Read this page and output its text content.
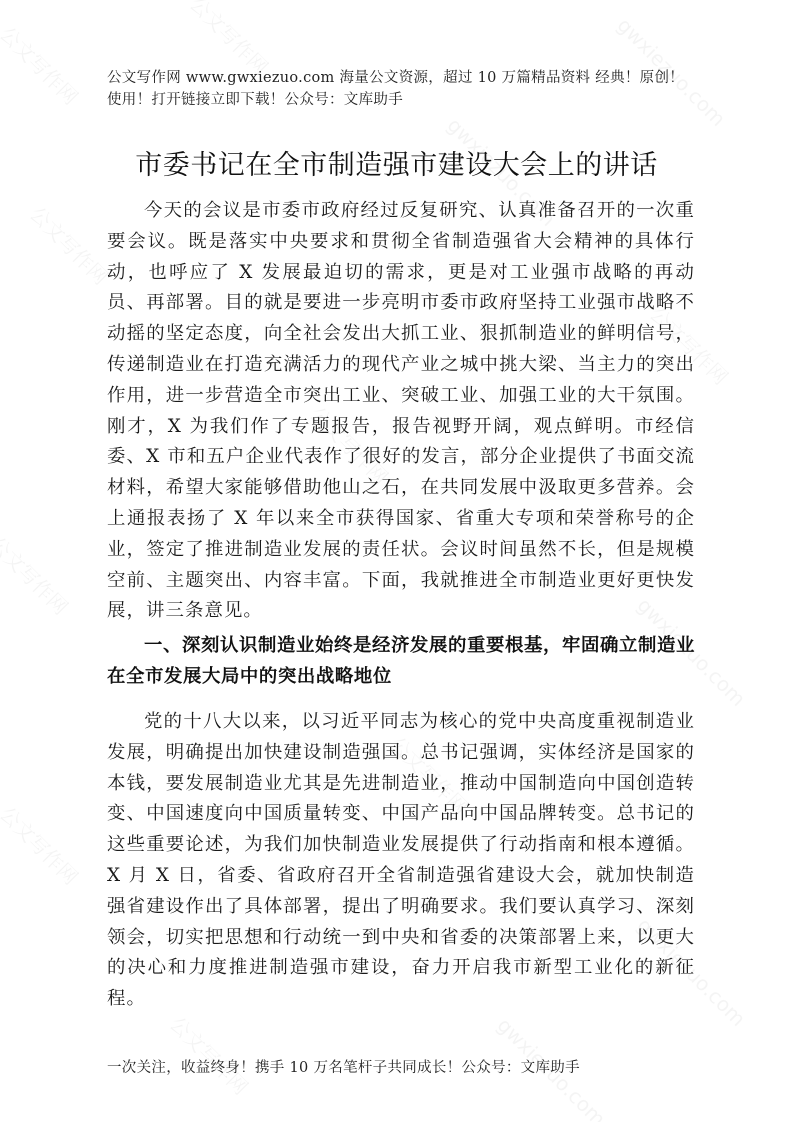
公文写作网 www.gwxiezuo.com 海量公文资源，超过 10 万篇精品资料 经典！原创！
使用！打开链接立即下载！公众号：文库助手
市委书记在全市制造强市建设大会上的讲话
今天的会议是市委市政府经过反复研究、认真准备召开的一次重要会议。既是落实中央要求和贯彻全省制造强省大会精神的具体行动，也呼应了 X 发展最迫切的需求，更是对工业强市战略的再动员、再部署。目的就是要进一步亮明市委市政府坚持工业强市战略不动摇的坚定态度，向全社会发出大抓工业、狠抓制造业的鲜明信号，传递制造业在打造充满活力的现代产业之城中挑大梁、当主力的突出作用，进一步营造全市突出工业、突破工业、加强工业的大干氛围。刚才，X 为我们作了专题报告，报告视野开阔，观点鲜明。市经信委、X 市和五户企业代表作了很好的发言，部分企业提供了书面交流材料，希望大家能够借助他山之石，在共同发展中汲取更多营养。会上通报表扬了 X 年以来全市获得国家、省重大专项和荣誉称号的企业，签定了推进制造业发展的责任状。会议时间虽然不长，但是规模空前、主题突出、内容丰富。下面，我就推进全市制造业更好更快发展，讲三条意见。
一、深刻认识制造业始终是经济发展的重要根基，牢固确立制造业在全市发展大局中的突出战略地位
党的十八大以来，以习近平同志为核心的党中央高度重视制造业发展，明确提出加快建设制造强国。总书记强调，实体经济是国家的本钱，要发展制造业尤其是先进制造业，推动中国制造向中国创造转变、中国速度向中国质量转变、中国产品向中国品牌转变。总书记的这些重要论述，为我们加快制造业发展提供了行动指南和根本遵循。X 月 X 日，省委、省政府召开全省制造强省建设大会，就加快制造强省建设作出了具体部署，提出了明确要求。我们要认真学习、深刻领会，切实把思想和行动统一到中央和省委的决策部署上来，以更大的决心和力度推进制造强市建设，奋力开启我市新型工业化的新征程。
一次关注，收益终身！携手 10 万名笔杆子共同成长！公众号：文库助手
